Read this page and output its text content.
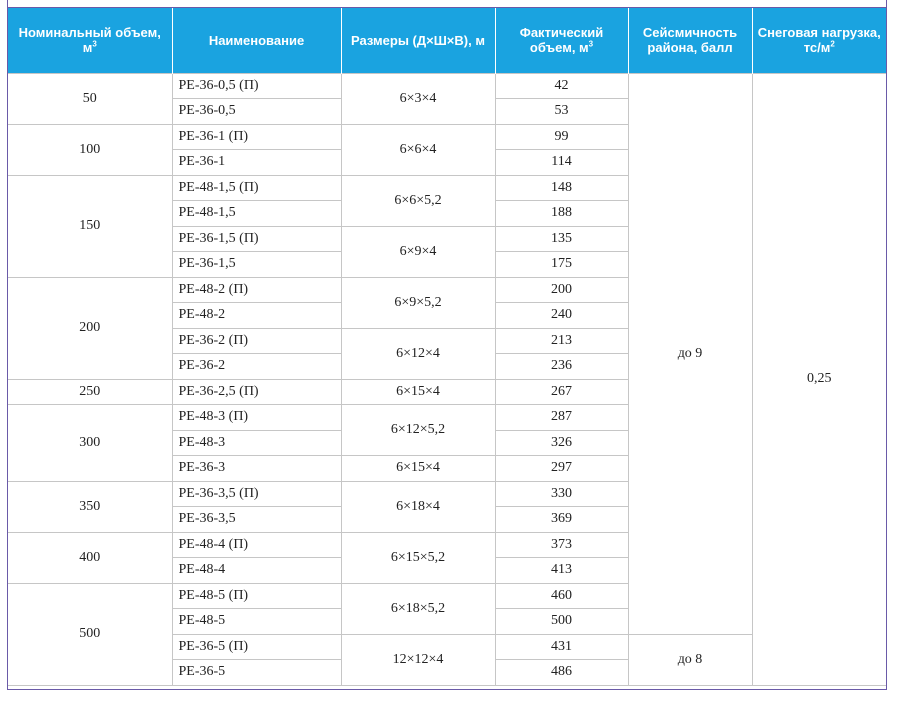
Номинальный объем, $м^3$	Наименование	Размеры (Д×Ш×В), м	Фактический объем, $м^3$	Сейсмичность района, балл	Снеговая нагрузка, $тс/м^2$
50	РЕ-36-0,5 (П)	6×3×4	42	до 9	0,25
	РЕ-36-0,5		53		
100	РЕ-36-1 (П)	6×6×4	99		
	РЕ-36-1		114		
150	РЕ-48-1,5 (П)	6×6×5,2	148		
	РЕ-48-1,5		188		
	РЕ-36-1,5 (П)	6×9×4	135		
	РЕ-36-1,5		175		
200	РЕ-48-2 (П)	6×9×5,2	200		
	РЕ-48-2		240		
	РЕ-36-2 (П)	6×12×4	213		
	РЕ-36-2		236		
250	РЕ-36-2,5 (П)	6×15×4	267		
300	РЕ-48-3 (П)	6×12×5,2	287		
	РЕ-48-3		326		
	РЕ-36-3	6×15×4	297		
350	РЕ-36-3,5 (П)	6×18×4	330		
	РЕ-36-3,5		369		
400	РЕ-48-4 (П)	6×15×5,2	373		
	РЕ-48-4		413		
500	РЕ-48-5 (П)	6×18×5,2	460		
	РЕ-48-5		500		
	РЕ-36-5 (П)	12×12×4	431	до 8	
	РЕ-36-5		486		
